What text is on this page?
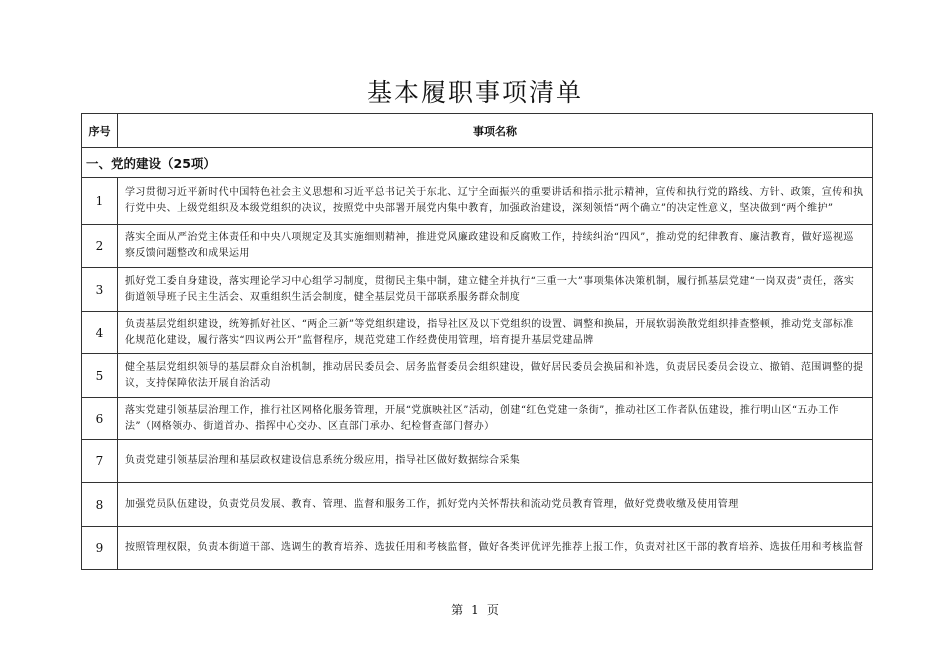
基本履职事项清单
序号	事项名称
一、党的建设（25项）	
1	学习贯彻习近平新时代中国特色社会主义思想和习近平总书记关于东北、辽宁全面振兴的重要讲话和指示批示精神，宣传和执行党的路线、方针、政策，宣传和执行党中央、上级党组织及本级党组织的决议，按照党中央部署开展党内集中教育，加强政治建设，深刻领悟“两个确立”的决定性意义，坚决做到“两个维护”
2	落实全面从严治党主体责任和中央八项规定及其实施细则精神，推进党风廉政建设和反腐败工作，持续纠治“四风”，推动党的纪律教育、廉洁教育，做好巡视巡察反馈问题整改和成果运用
3	抓好党工委自身建设，落实理论学习中心组学习制度，贯彻民主集中制，建立健全并执行“三重一大”事项集体决策机制，履行抓基层党建“一岗双责”责任，落实街道领导班子民主生活会、双重组织生活会制度，健全基层党员干部联系服务群众制度
4	负责基层党组织建设，统筹抓好社区、“两企三新”等党组织建设，指导社区及以下党组织的设置、调整和换届，开展软弱涣散党组织排查整顿，推动党支部标准化规范化建设，履行落实“四议两公开”监督程序，规范党建工作经费使用管理，培育提升基层党建品牌
5	健全基层党组织领导的基层群众自治机制，推动居民委员会、居务监督委员会组织建设，做好居民委员会换届和补选，负责居民委员会设立、撤销、范围调整的提议，支持保障依法开展自治活动
6	落实党建引领基层治理工作，推行社区网格化服务管理，开展“党旗映社区”活动，创建“红色党建一条街”，推动社区工作者队伍建设，推行明山区“五办工作法”（网格领办、街道首办、指挥中心交办、区直部门承办、纪检督查部门督办）
7	负责党建引领基层治理和基层政权建设信息系统分级应用，指导社区做好数据综合采集
8	加强党员队伍建设，负责党员发展、教育、管理、监督和服务工作，抓好党内关怀帮扶和流动党员教育管理，做好党费收缴及使用管理
9	按照管理权限，负责本街道干部、选调生的教育培养、选拔任用和考核监督，做好各类评优评先推荐上报工作，负责对社区干部的教育培养、选拔任用和考核监督
第 1 页
